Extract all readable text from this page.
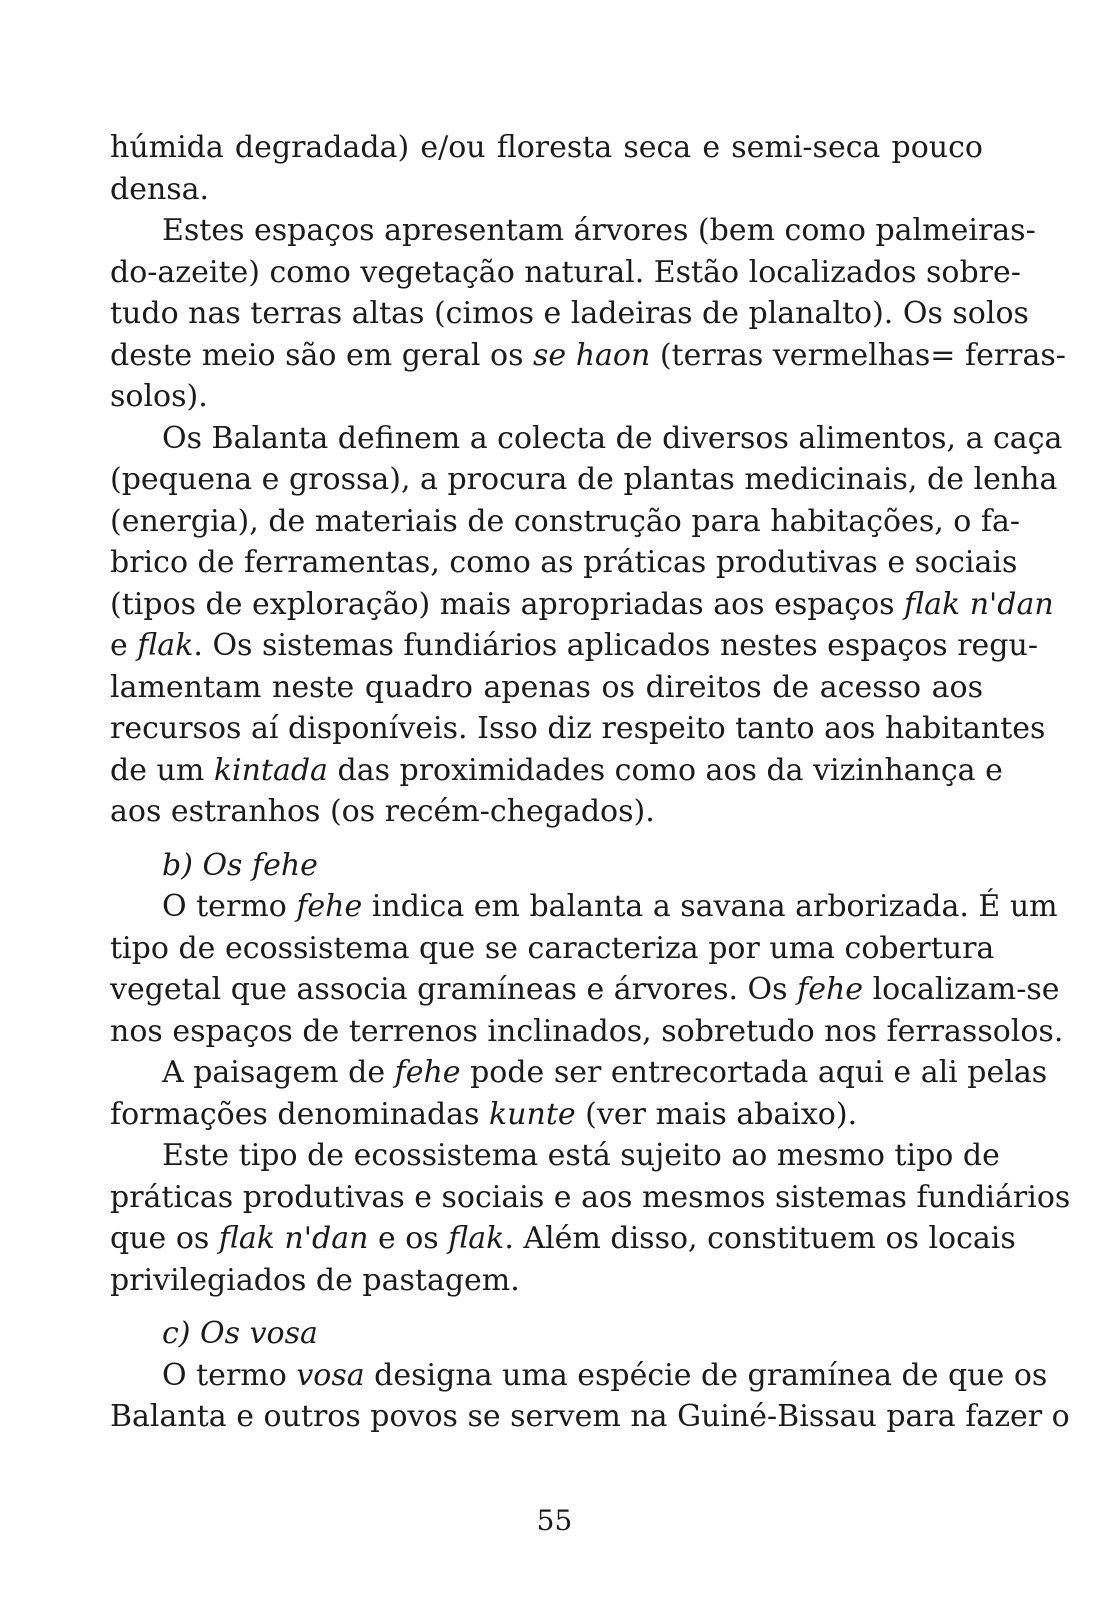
húmida degradada) e/ou floresta seca e semi-seca pouco
densa.
Estes espaços apresentam árvores (bem como palmeiras-
do-azeite) como vegetação natural. Estão localizados sobre-
tudo nas terras altas (cimos e ladeiras de planalto). Os solos
deste meio são em geral os se haon (terras vermelhas= ferras-
solos).
Os Balanta definem a colecta de diversos alimentos, a caça
(pequena e grossa), a procura de plantas medicinais, de lenha
(energia), de materiais de construção para habitações, o fa-
brico de ferramentas, como as práticas produtivas e sociais
(tipos de exploração) mais apropriadas aos espaços flak n'dan
e flak. Os sistemas fundiários aplicados nestes espaços regu-
lamentam neste quadro apenas os direitos de acesso aos
recursos aí disponíveis. Isso diz respeito tanto aos habitantes
de um kintada das proximidades como aos da vizinhança e
aos estranhos (os recém-chegados).
b) Os fehe
O termo fehe indica em balanta a savana arborizada. É um
tipo de ecossistema que se caracteriza por uma cobertura
vegetal que associa gramíneas e árvores. Os fehe localizam-se
nos espaços de terrenos inclinados, sobretudo nos ferrassolos.
A paisagem de fehe pode ser entrecortada aqui e ali pelas
formações denominadas kunte (ver mais abaixo).
Este tipo de ecossistema está sujeito ao mesmo tipo de
práticas produtivas e sociais e aos mesmos sistemas fundiários
que os flak n'dan e os flak. Além disso, constituem os locais
privilegiados de pastagem.
c) Os vosa
O termo vosa designa uma espécie de gramínea de que os
Balanta e outros povos se servem na Guiné-Bissau para fazer o
55
